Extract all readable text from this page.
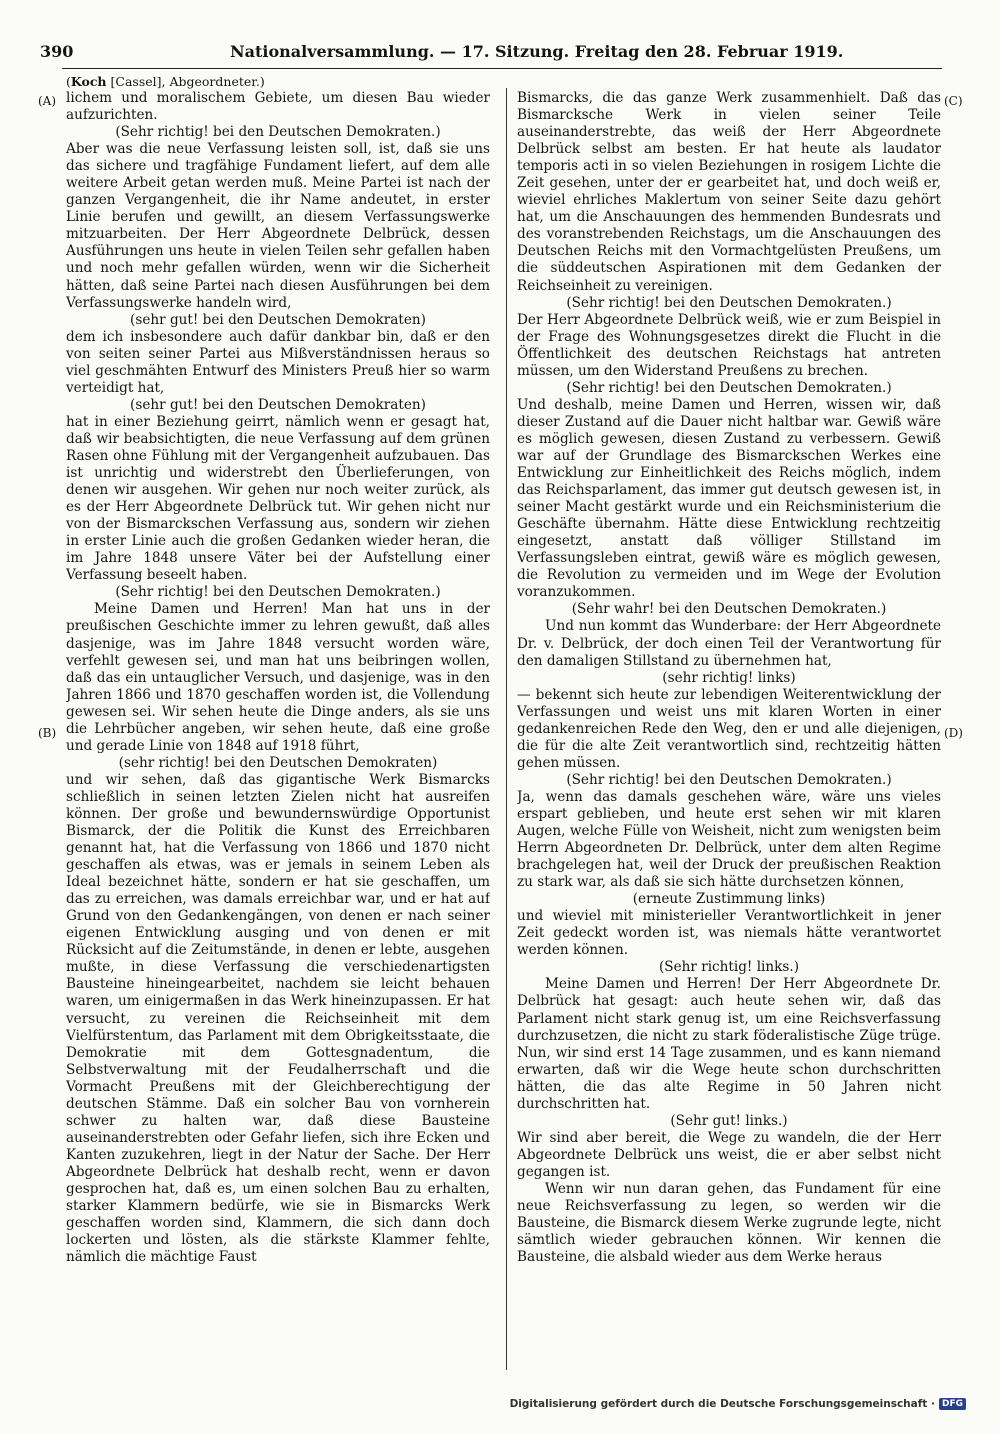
390	Nationalversammlung. — 17. Sitzung. Freitag den 28. Februar 1919.
(Koch [Cassel], Abgeordneter.)
(A)
(B)
(C)
(D)

lichem und moralischem Gebiete, um diesen Bau wieder aufzurichten.

(Sehr richtig! bei den Deutschen Demokraten.)

Aber was die neue Verfassung leisten soll, ist, daß sie uns das sichere und tragfähige Fundament liefert, auf dem alle weitere Arbeit getan werden muß. Meine Partei ist nach der ganzen Vergangenheit, die ihr Name andeutet, in erster Linie berufen und gewillt, an diesem Verfassungswerke mitzuarbeiten. Der Herr Abgeordnete Delbrück, dessen Ausführungen uns heute in vielen Teilen sehr gefallen haben und noch mehr gefallen würden, wenn wir die Sicherheit hätten, daß seine Partei nach diesen Ausführungen bei dem Verfassungswerke handeln wird,

(sehr gut! bei den Deutschen Demokraten)

dem ich insbesondere auch dafür dankbar bin, daß er den von seiten seiner Partei aus Mißverständnissen heraus so viel geschmähten Entwurf des Ministers Preuß hier so warm verteidigt hat,

(sehr gut! bei den Deutschen Demokraten)

hat in einer Beziehung geirrt, nämlich wenn er gesagt hat, daß wir beabsichtigten, die neue Verfassung auf dem grünen Rasen ohne Fühlung mit der Vergangenheit aufzubauen. Das ist unrichtig und widerstrebt den Überlieferungen, von denen wir ausgehen. Wir gehen nur noch weiter zurück, als es der Herr Abgeordnete Delbrück tut. Wir gehen nicht nur von der Bismarckschen Verfassung aus, sondern wir ziehen in erster Linie auch die großen Gedanken wieder heran, die im Jahre 1848 unsere Väter bei der Aufstellung einer Verfassung beseelt haben.

(Sehr richtig! bei den Deutschen Demokraten.)

Meine Damen und Herren! Man hat uns in der preußischen Geschichte immer zu lehren gewußt, daß alles dasjenige, was im Jahre 1848 versucht worden wäre, verfehlt gewesen sei, und man hat uns beibringen wollen, daß das ein untauglicher Versuch, und dasjenige, was in den Jahren 1866 und 1870 geschaffen worden ist, die Vollendung gewesen sei. Wir sehen heute die Dinge anders, als sie uns die Lehrbücher angeben, wir sehen heute, daß eine große und gerade Linie von 1848 auf 1918 führt,

(sehr richtig! bei den Deutschen Demokraten)

und wir sehen, daß das gigantische Werk Bismarcks schließlich in seinen letzten Zielen nicht hat ausreifen können. Der große und bewundernswürdige Opportunist Bismarck, der die Politik die Kunst des Erreichbaren genannt hat, hat die Verfassung von 1866 und 1870 nicht geschaffen als etwas, was er jemals in seinem Leben als Ideal bezeichnet hätte, sondern er hat sie geschaffen, um das zu erreichen, was damals erreichbar war, und er hat auf Grund von den Gedankengängen, von denen er nach seiner eigenen Entwicklung ausging und von denen er mit Rücksicht auf die Zeitumstände, in denen er lebte, ausgehen mußte, in diese Verfassung die verschiedenartigsten Bausteine hineingearbeitet, nachdem sie leicht behauen waren, um einigermaßen in das Werk hineinzupassen. Er hat versucht, zu vereinen die Reichseinheit mit dem Vielfürstentum, das Parlament mit dem Obrigkeitsstaate, die Demokratie mit dem Gottesgnadentum, die Selbstverwaltung mit der Feudalherrschaft und die Vormacht Preußens mit der Gleichberechtigung der deutschen Stämme. Daß ein solcher Bau von vornherein schwer zu halten war, daß diese Bausteine auseinanderstrebten oder Gefahr liefen, sich ihre Ecken und Kanten zuzukehren, liegt in der Natur der Sache. Der Herr Abgeordnete Delbrück hat deshalb recht, wenn er davon gesprochen hat, daß es, um einen solchen Bau zu erhalten, starker Klammern bedürfe, wie sie in Bismarcks Werk geschaffen worden sind, Klammern, die sich dann doch lockerten und lösten, als die stärkste Klammer fehlte, nämlich die mächtige Faust

Bismarcks, die das ganze Werk zusammenhielt. Daß das Bismarcksche Werk in vielen seiner Teile auseinanderstrebte, das weiß der Herr Abgeordnete Delbrück selbst am besten. Er hat heute als laudator temporis acti in so vielen Beziehungen in rosigem Lichte die Zeit gesehen, unter der er gearbeitet hat, und doch weiß er, wieviel ehrliches Maklertum von seiner Seite dazu gehört hat, um die Anschauungen des hemmenden Bundesrats und des voranstrebenden Reichstags, um die Anschauungen des Deutschen Reichs mit den Vormachtgelüsten Preußens, um die süddeutschen Aspirationen mit dem Gedanken der Reichseinheit zu vereinigen.

(Sehr richtig! bei den Deutschen Demokraten.)

Der Herr Abgeordnete Delbrück weiß, wie er zum Beispiel in der Frage des Wohnungsgesetzes direkt die Flucht in die Öffentlichkeit des deutschen Reichstags hat antreten müssen, um den Widerstand Preußens zu brechen.

(Sehr richtig! bei den Deutschen Demokraten.)

Und deshalb, meine Damen und Herren, wissen wir, daß dieser Zustand auf die Dauer nicht haltbar war. Gewiß wäre es möglich gewesen, diesen Zustand zu verbessern. Gewiß war auf der Grundlage des Bismarckschen Werkes eine Entwicklung zur Einheitlichkeit des Reichs möglich, indem das Reichsparlament, das immer gut deutsch gewesen ist, in seiner Macht gestärkt wurde und ein Reichsministerium die Geschäfte übernahm. Hätte diese Entwicklung rechtzeitig eingesetzt, anstatt daß völliger Stillstand im Verfassungsleben eintrat, gewiß wäre es möglich gewesen, die Revolution zu vermeiden und im Wege der Evolution voranzukommen.

(Sehr wahr! bei den Deutschen Demokraten.)

Und nun kommt das Wunderbare: der Herr Abgeordnete Dr. v. Delbrück, der doch einen Teil der Verantwortung für den damaligen Stillstand zu übernehmen hat,

(sehr richtig! links)

— bekennt sich heute zur lebendigen Weiterentwicklung der Verfassungen und weist uns mit klaren Worten in einer gedankenreichen Rede den Weg, den er und alle diejenigen, die für die alte Zeit verantwortlich sind, rechtzeitig hätten gehen müssen.

(Sehr richtig! bei den Deutschen Demokraten.)

Ja, wenn das damals geschehen wäre, wäre uns vieles erspart geblieben, und heute erst sehen wir mit klaren Augen, welche Fülle von Weisheit, nicht zum wenigsten beim Herrn Abgeordneten Dr. Delbrück, unter dem alten Regime brachgelegen hat, weil der Druck der preußischen Reaktion zu stark war, als daß sie sich hätte durchsetzen können,

(erneute Zustimmung links)

und wieviel mit ministerieller Verantwortlichkeit in jener Zeit gedeckt worden ist, was niemals hätte verantwortet werden können.

(Sehr richtig! links.)

Meine Damen und Herren! Der Herr Abgeordnete Dr. Delbrück hat gesagt: auch heute sehen wir, daß das Parlament nicht stark genug ist, um eine Reichsverfassung durchzusetzen, die nicht zu stark föderalistische Züge trüge. Nun, wir sind erst 14 Tage zusammen, und es kann niemand erwarten, daß wir die Wege heute schon durchschritten hätten, die das alte Regime in 50 Jahren nicht durchschritten hat.

(Sehr gut! links.)

Wir sind aber bereit, die Wege zu wandeln, die der Herr Abgeordnete Delbrück uns weist, die er aber selbst nicht gegangen ist.

Wenn wir nun daran gehen, das Fundament für eine neue Reichsverfassung zu legen, so werden wir die Bausteine, die Bismarck diesem Werke zugrunde legte, nicht sämtlich wieder gebrauchen können. Wir kennen die Bausteine, die alsbald wieder aus dem Werke heraus

Digitalisierung gefördert durch die Deutsche Forschungsgemeinschaft · DFG
